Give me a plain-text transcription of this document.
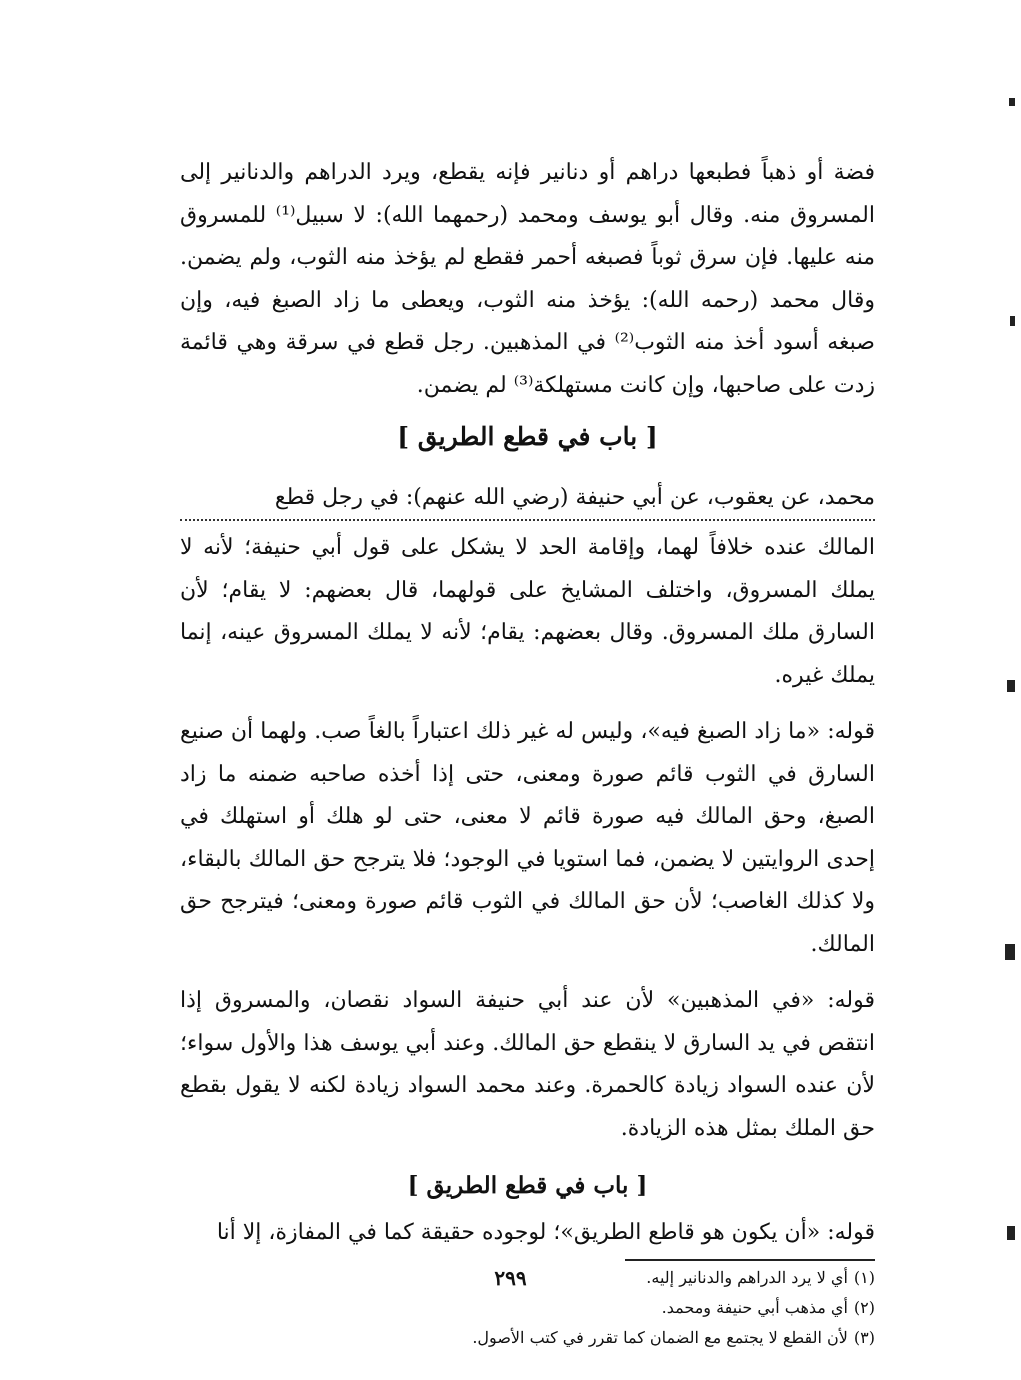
فضة أو ذهباً فطبعها دراهم أو دنانير فإنه يقطع، ويرد الدراهم والدنانير إلى المسروق منه. وقال أبو يوسف ومحمد (رحمهما الله): لا سبيل⁽¹⁾ للمسروق منه عليها. فإن سرق ثوباً فصبغه أحمر فقطع لم يؤخذ منه الثوب، ولم يضمن. وقال محمد (رحمه الله): يؤخذ منه الثوب، ويعطى ما زاد الصبغ فيه، وإن صبغه أسود أخذ منه الثوب⁽²⁾ في المذهبين. رجل قطع في سرقة وهي قائمة زدت على صاحبها، وإن كانت مستهلكة⁽³⁾ لم يضمن.

[ باب في قطع الطريق ]

محمد، عن يعقوب، عن أبي حنيفة (رضي الله عنهم): في رجل قطع

المالك عنده خلافاً لهما، وإقامة الحد لا يشكل على قول أبي حنيفة؛ لأنه لا يملك المسروق، واختلف المشايخ على قولهما، قال بعضهم: لا يقام؛ لأن السارق ملك المسروق. وقال بعضهم: يقام؛ لأنه لا يملك المسروق عينه، إنما يملك غيره.

قوله: «ما زاد الصبغ فيه»، وليس له غير ذلك اعتباراً بالغاً صب. ولهما أن صنيع السارق في الثوب قائم صورة ومعنى، حتى إذا أخذه صاحبه ضمنه ما زاد الصبغ، وحق المالك فيه صورة قائم لا معنى، حتى لو هلك أو استهلك في إحدى الروايتين لا يضمن، فما استويا في الوجود؛ فلا يترجح حق المالك بالبقاء، ولا كذلك الغاصب؛ لأن حق المالك في الثوب قائم صورة ومعنى؛ فيترجح حق المالك.

قوله: «في المذهبين» لأن عند أبي حنيفة السواد نقصان، والمسروق إذا انتقص في يد السارق لا ينقطع حق المالك. وعند أبي يوسف هذا والأول سواء؛ لأن عنده السواد زيادة كالحمرة. وعند محمد السواد زيادة لكنه لا يقول بقطع حق الملك بمثل هذه الزيادة.

[ باب في قطع الطريق ]

قوله: «أن يكون هو قاطع الطريق»؛ لوجوده حقيقة كما في المفازة، إلا أنا

(١)أي لا يرد الدراهم والدنانير إليه.
(٢)أي مذهب أبي حنيفة ومحمد.
(٣)لأن القطع لا يجتمع مع الضمان كما تقرر في كتب الأصول.
٢٩٩
